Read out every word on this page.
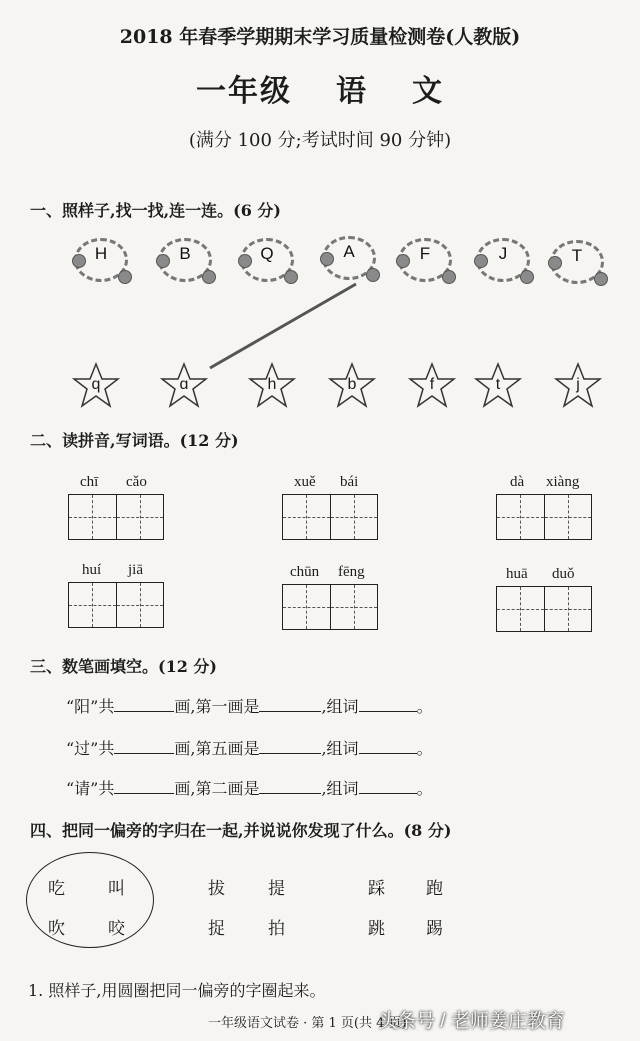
2018 年春季学期期末学习质量检测卷(人教版)
一年级 语 文
(满分 100 分;考试时间 90 分钟)
一、照样子,找一找,连一连。(6 分)
H	B	Q	A	F	J	T
q	ɑ	h	b	f	t	j
二、读拼音,写词语。(12 分)
chī cǎo	xuě bái	dà xiàng
huí jiā	chūn fēng	huā duǒ
三、数笔画填空。(12 分)
“阳”共	画,第一画是	,组词	。
“过”共	画,第五画是	,组词	。
“请”共	画,第二画是	,组词	。
四、把同一偏旁的字归在一起,并说说你发现了什么。(8 分)
吃	叫
吹	咬
拔	提
捉	拍
踩 跑
跳 踢
1. 照样子,用圆圈把同一偏旁的字圈起来。
一年级语文试卷 · 第 1 页(共 4 页)
头条号 / 老师姜庄教育
